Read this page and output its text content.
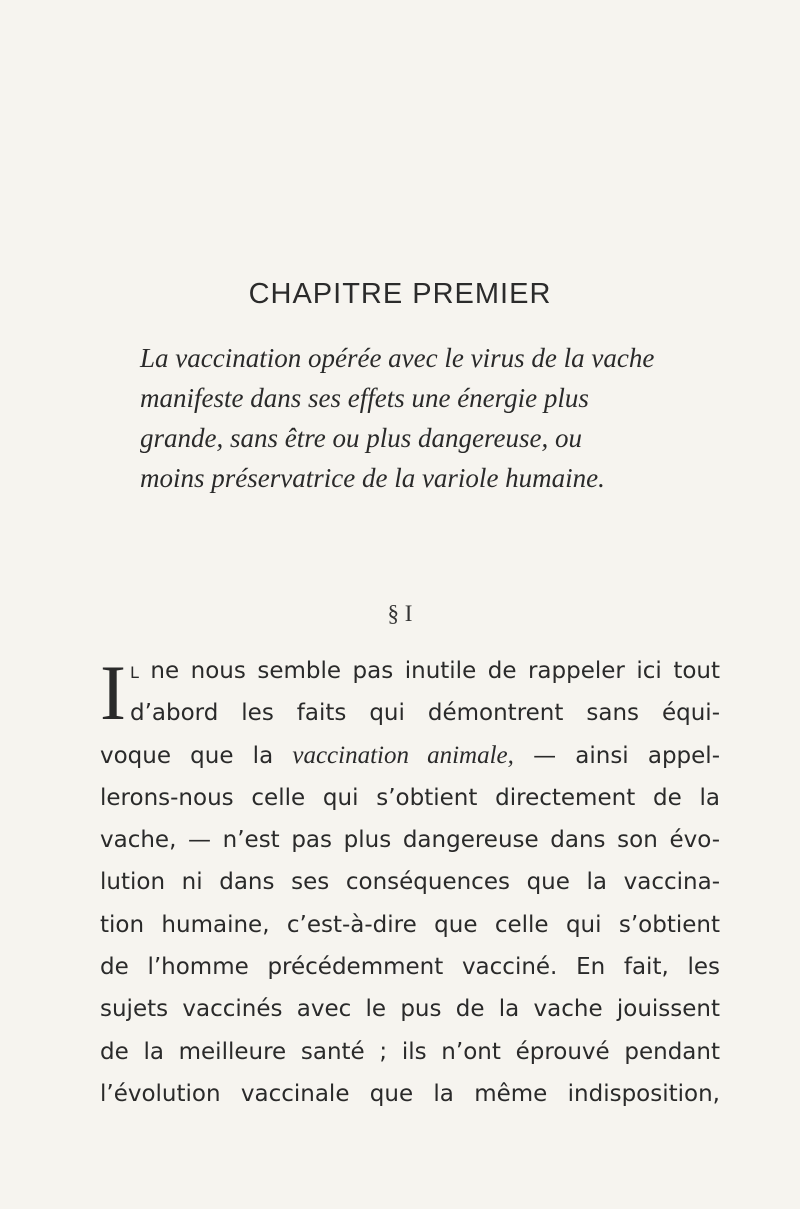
CHAPITRE PREMIER
La vaccination opérée avec le virus de la vache
manifeste dans ses effets une énergie plus
grande, sans être ou plus dangereuse, ou
moins préservatrice de la variole humaine.
§ I
I l ne nous semble pas inutile de rappeler ici tout
d’abord les faits qui démontrent sans équi-
voque que la vaccination animale, — ainsi appel-
lerons-nous celle qui s’obtient directement de la
vache, — n’est pas plus dangereuse dans son évo-
lution ni dans ses conséquences que la vaccina-
tion humaine, c’est-à-dire que celle qui s’obtient
de l’homme précédemment vacciné. En fait, les
sujets vaccinés avec le pus de la vache jouissent
de la meilleure santé ; ils n’ont éprouvé pendant
l’évolution vaccinale que la même indisposition,
